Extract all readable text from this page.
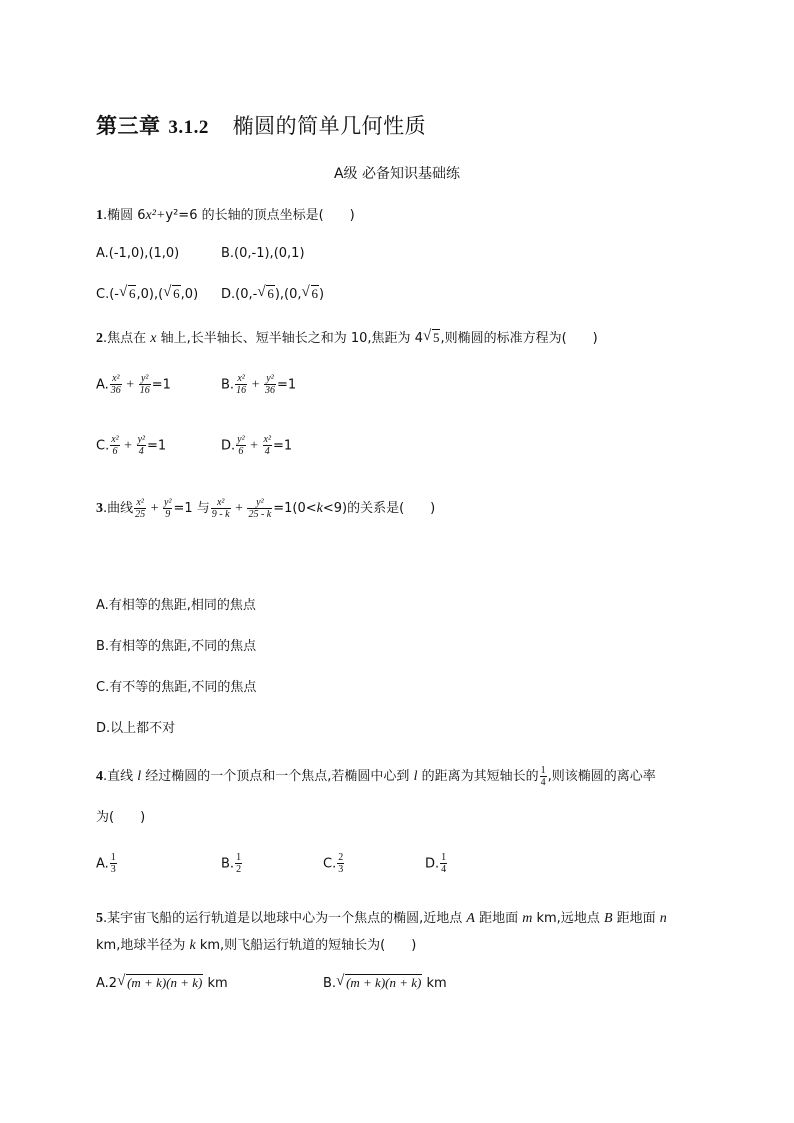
第三章 3.1.2 椭圆的简单几何性质
A级 必备知识基础练
1.椭圆 6x²+y²=6 的长轴的顶点坐标是(　　)
A.(-1,0),(1,0)	B.(0,-1),(0,1)
C.(- √ 6,0),( √ 6,0) D.(0,- √ 6),(0, √ 6)
2.焦点在 x 轴上,长半轴长、短半轴长之和为 10,焦距为 4 √ 5,则椭圆的标准方程为(　　)
A. $\frac{\text{x²}}{36} + \frac{\text{y²}}{16} =1$	B. $\frac{\text{x²}}{16} + \frac{\text{y²}}{36} =1$
C. $\frac{\text{x²}}{6} + \frac{\text{y²}}{4} =1$	D. $\frac{\text{y²}}{6} + \frac{\text{x²}}{4} =1$
3.曲线 $\frac{\text{x²}}{25} + \frac{\text{y²}}{9} =1$ 与 $\frac{\text{x²}}{9 - k} + \frac{\text{y²}}{25 - k} =1(0<k<9)$的关系是(　　)
A.有相等的焦距,相同的焦点
B.有相等的焦距,不同的焦点
C.有不等的焦距,不同的焦点
D.以上都不对
4.直线 l 经过椭圆的一个顶点和一个焦点,若椭圆中心到 l 的距离为其短轴长的 $\frac{1}{4}$ ,则该椭圆的离心率
为(　　)
A. $\frac{1}{3}$	B. $\frac{1}{2}$	C. $\frac{2}{3}$	D. $\frac{1}{4}$
5.某宇宙飞船的运行轨道是以地球中心为一个焦点的椭圆,近地点 A 距地面 m km,远地点 B 距地面 n
km,地球半径为 k km,则飞船运行轨道的短轴长为(　　)
A.2 √ (m + k)(n + k) km	B. √ (m + k)(n + k) km
